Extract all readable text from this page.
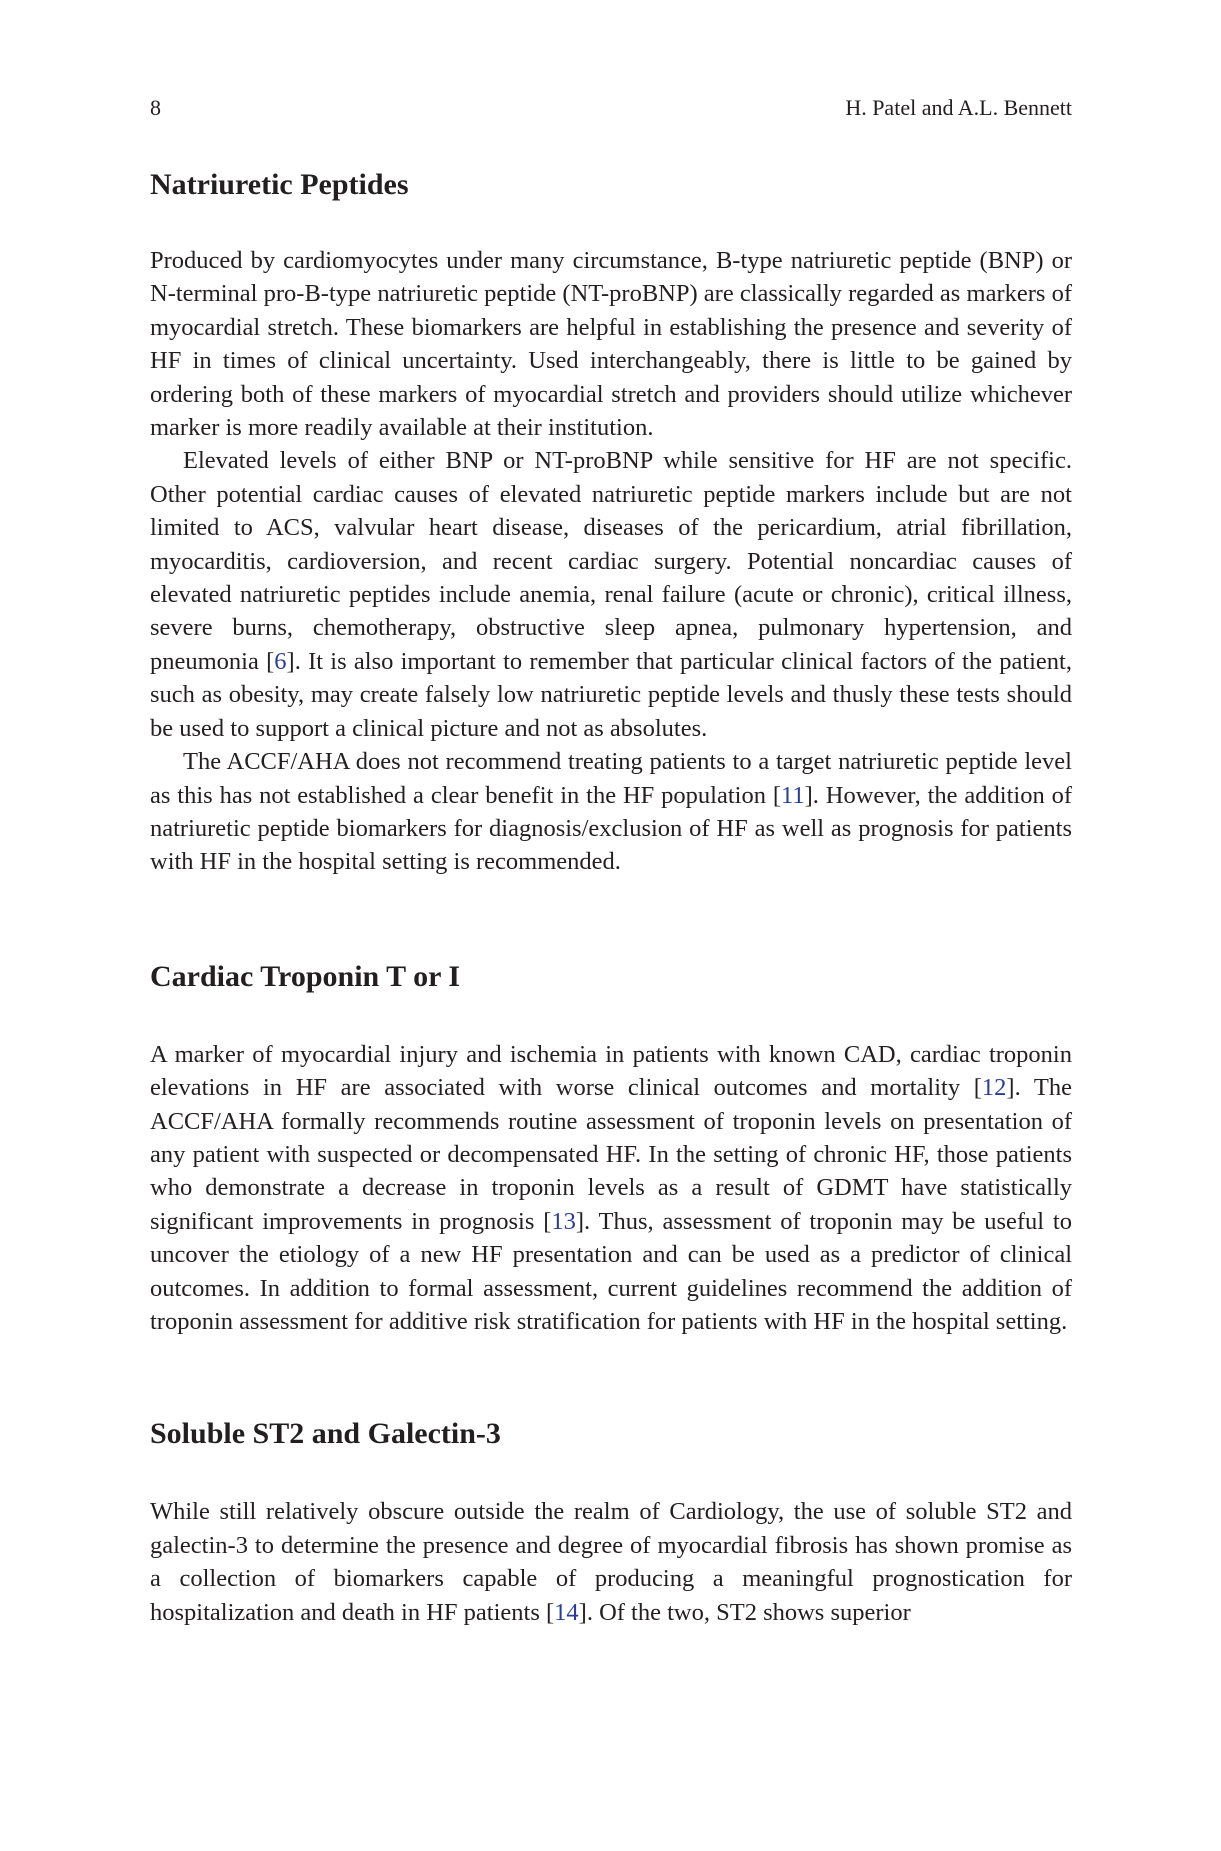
8	H. Patel and A.L. Bennett
Natriuretic Peptides

Produced by cardiomyocytes under many circumstance, B-type natriuretic peptide (BNP) or N-terminal pro-B-type natriuretic peptide (NT-proBNP) are classically regarded as markers of myocardial stretch. These biomarkers are helpful in establishing the presence and severity of HF in times of clinical uncertainty. Used interchangeably, there is little to be gained by ordering both of these markers of myocardial stretch and providers should utilize whichever marker is more readily available at their institution.

Elevated levels of either BNP or NT-proBNP while sensitive for HF are not specific. Other potential cardiac causes of elevated natriuretic peptide markers include but are not limited to ACS, valvular heart disease, diseases of the pericardium, atrial fibrillation, myocarditis, cardioversion, and recent cardiac surgery. Potential noncardiac causes of elevated natriuretic peptides include anemia, renal failure (acute or chronic), critical illness, severe burns, chemotherapy, obstructive sleep apnea, pulmonary hypertension, and pneumonia [6]. It is also important to remember that particular clinical factors of the patient, such as obesity, may create falsely low natriuretic peptide levels and thusly these tests should be used to support a clinical picture and not as absolutes.

The ACCF/AHA does not recommend treating patients to a target natriuretic peptide level as this has not established a clear benefit in the HF population [11]. However, the addition of natriuretic peptide biomarkers for diagnosis/exclusion of HF as well as prognosis for patients with HF in the hospital setting is recommended.

Cardiac Troponin T or I

A marker of myocardial injury and ischemia in patients with known CAD, cardiac troponin elevations in HF are associated with worse clinical outcomes and mortality [12]. The ACCF/AHA formally recommends routine assessment of troponin levels on presentation of any patient with suspected or decompensated HF. In the setting of chronic HF, those patients who demonstrate a decrease in troponin levels as a result of GDMT have statistically significant improvements in prognosis [13]. Thus, assessment of troponin may be useful to uncover the etiology of a new HF presentation and can be used as a predictor of clinical outcomes. In addition to formal assessment, current guidelines recommend the addition of troponin assessment for additive risk stratification for patients with HF in the hospital setting.

Soluble ST2 and Galectin-3

While still relatively obscure outside the realm of Cardiology, the use of soluble ST2 and galectin-3 to determine the presence and degree of myocardial fibrosis has shown promise as a collection of biomarkers capable of producing a meaningful prognostication for hospitalization and death in HF patients [14]. Of the two, ST2 shows superior
